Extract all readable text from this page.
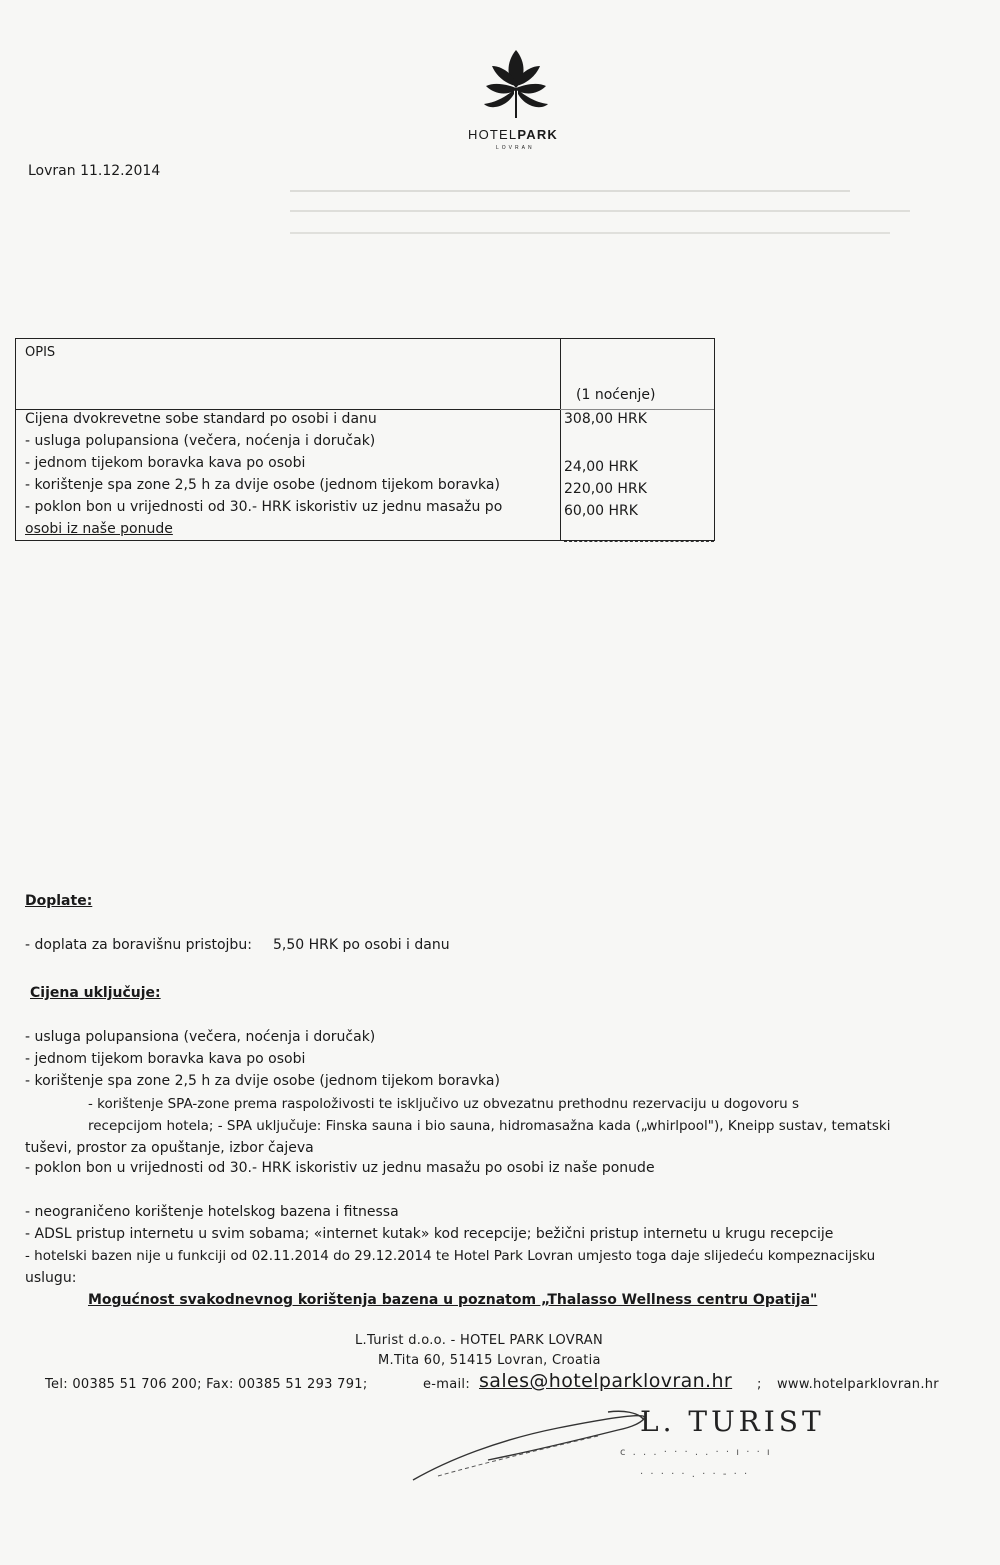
HOTELPARK
LOVRAN
Lovran 11.12.2014
OPIS
(1 noćenje)
Cijena dvokrevetne sobe standard po osobi i danu
- usluga polupansiona (večera, noćenja i doručak)
- jednom tijekom boravka kava po osobi
- korištenje spa zone 2,5 h za dvije osobe (jednom tijekom boravka)
- poklon bon u vrijednosti od 30.- HRK iskoristiv uz jednu masažu po
osobi iz naše ponude
308,00 HRK
24,00 HRK
220,00 HRK
60,00 HRK
Doplate:
- doplata za boravišnu pristojbu: 5,50 HRK po osobi i danu
Cijena uključuje:
- usluga polupansiona (večera, noćenja i doručak)
- jednom tijekom boravka kava po osobi
- korištenje spa zone 2,5 h za dvije osobe (jednom tijekom boravka)
- korištenje SPA-zone prema raspoloživosti te isključivo uz obvezatnu prethodnu rezervaciju u dogovoru s
recepcijom hotela; - SPA uključuje: Finska sauna i bio sauna, hidromasažna kada („whirlpool"), Kneipp sustav, tematski
tuševi, prostor za opuštanje, izbor čajeva
- poklon bon u vrijednosti od 30.- HRK iskoristiv uz jednu masažu po osobi iz naše ponude
- neograničeno korištenje hotelskog bazena i fitnessa
- ADSL pristup internetu u svim sobama; «internet kutak» kod recepcije; bežični pristup internetu u krugu recepcije
- hotelski bazen nije u funkciji od 02.11.2014 do 29.12.2014 te Hotel Park Lovran umjesto toga daje slijedeću kompeznacijsku
uslugu:
Mogućnost svakodnevnog korištenja bazena u poznatom „Thalasso Wellness centru Opatija"
L.Turist d.o.o. - HOTEL PARK LOVRAN
M.Tita 60, 51415 Lovran, Croatia
Tel: 00385 51 706 200; Fax: 00385 51 293 791;	e-mail: sales@hotelparklovran.hr ; www.hotelparklovran.hr
L. TURIST
c . . . · · · . . · · ı · · ı
· · · · · . · · - · ·
